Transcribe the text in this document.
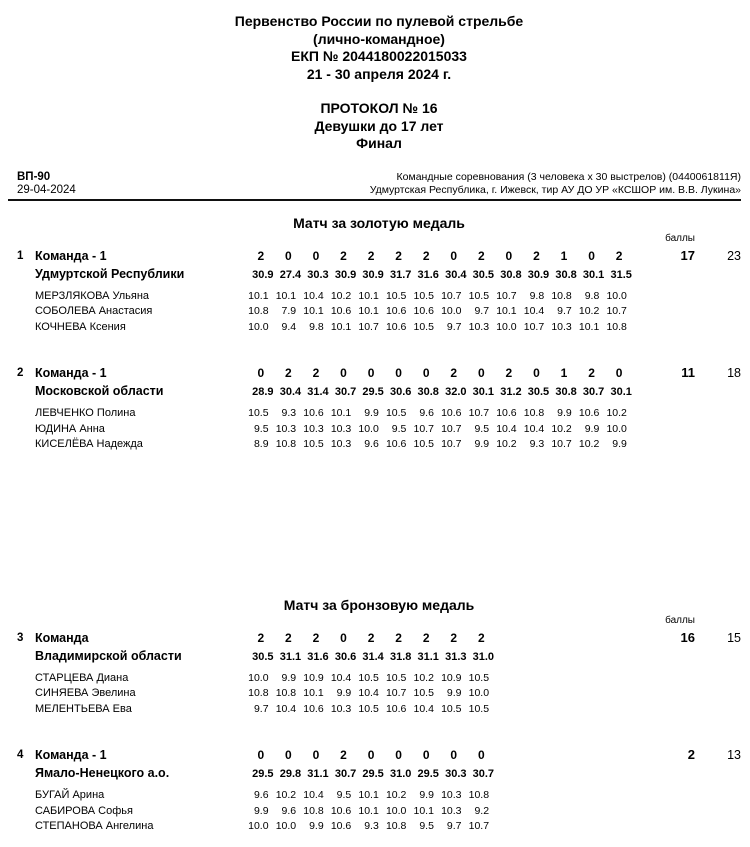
Первенство России по пулевой стрельбе
(лично-командное)
ЕКП № 2044180022015033
21 - 30 апреля 2024 г.
ПРОТОКОЛ № 16
Девушки до 17 лет
Финал
ВП-90
29-04-2024
Командные соревнования (3 человека х 30 выстрелов) (0440061811Я)
Удмуртская Республика, г. Ижевск, тир АУ ДО УР «КСШОР им. В.В. Лукина»
Матч за золотую медаль
баллы
1 Команда - 1
Удмуртской Республики
2	0	0	2	2	2	2	0	2	0	2	1	0	2
30.9 27.4 30.3 30.9 30.9 31.7 31.6 30.4 30.5 30.8 30.9 30.8 30.1 31.5
17	23
МЕРЗЛЯКОВА Ульяна	10.1 10.1 10.4 10.2 10.1 10.5 10.5 10.7 10.5 10.7	9.8 10.8	9.8 10.0
СОБОЛЕВА Анастасия	10.8	7.9 10.1 10.6 10.1 10.6 10.6 10.0	9.7 10.1 10.4	9.7 10.2 10.7
КОЧНЕВА Ксения	10.0	9.4	9.8 10.1 10.7 10.6 10.5	9.7 10.3 10.0 10.7 10.3 10.1 10.8
2 Команда - 1
Московской области
0	2	2	0	0	0	0	2	0	2	0	1	2	0
28.9 30.4 31.4 30.7 29.5 30.6 30.8 32.0 30.1 31.2 30.5 30.8 30.7 30.1
11	18
ЛЕВЧЕНКО Полина	10.5	9.3 10.6 10.1	9.9 10.5	9.6 10.6 10.7 10.6 10.8	9.9 10.6 10.2
ЮДИНА Анна	9.5 10.3 10.3 10.3 10.0	9.5 10.7 10.7	9.5 10.4 10.4 10.2	9.9 10.0
КИСЕЛЁВА Надежда	8.9 10.8 10.5 10.3	9.6 10.6 10.5 10.7	9.9 10.2	9.3 10.7 10.2	9.9
Матч за бронзовую медаль
баллы
3 Команда
Владимирской области
2	2	2	0	2	2	2	2	2
30.5 31.1 31.6 30.6 31.4 31.8 31.1 31.3 31.0
16	15
СТАРЦЕВА Диана	10.0	9.9 10.9 10.4 10.5 10.5 10.2 10.9 10.5
СИНЯЕВА Эвелина	10.8 10.8 10.1	9.9 10.4 10.7 10.5	9.9 10.0
МЕЛЕНТЬЕВА Ева	9.7 10.4 10.6 10.3 10.5 10.6 10.4 10.5 10.5
4 Команда - 1
Ямало-Ненецкого а.о.
0	0	0	2	0	0	0	0	0
29.5 29.8 31.1 30.7 29.5 31.0 29.5 30.3 30.7
2	13
БУГАЙ Арина	9.6 10.2 10.4	9.5 10.1 10.2	9.9 10.3 10.8
САБИРОВА Софья	9.9	9.6 10.8 10.6 10.1 10.0 10.1 10.3	9.2
СТЕПАНОВА Ангелина	10.0 10.0	9.9 10.6	9.3 10.8	9.5	9.7 10.7
